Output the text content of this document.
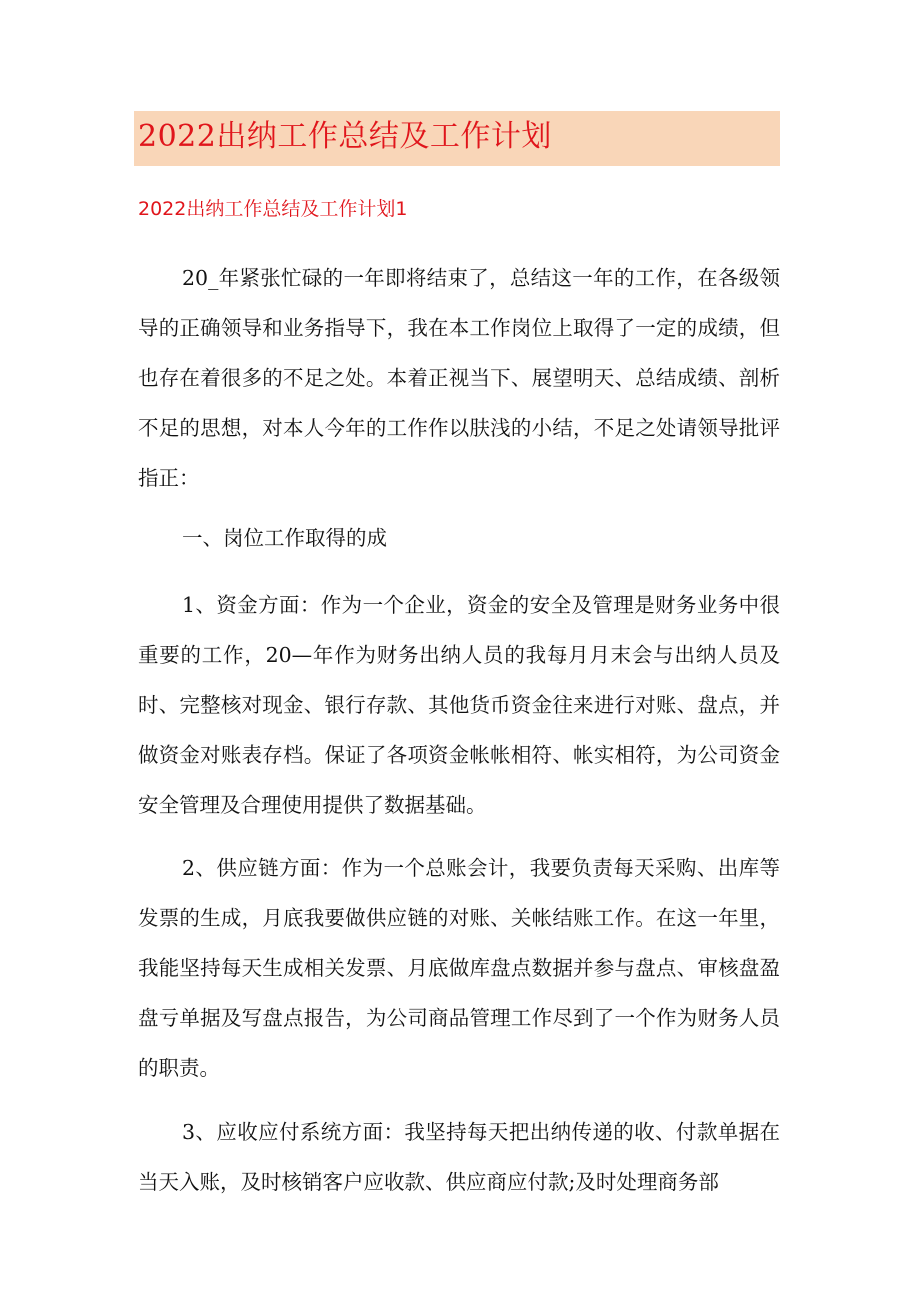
2022出纳工作总结及工作计划
2022出纳工作总结及工作计划1

20_年紧张忙碌的一年即将结束了，总结这一年的工作，在各级领导的正确领导和业务指导下，我在本工作岗位上取得了一定的成绩，但也存在着很多的不足之处。本着正视当下、展望明天、总结成绩、剖析不足的思想，对本人今年的工作作以肤浅的小结，不足之处请领导批评指正：

一、岗位工作取得的成

1、资金方面：作为一个企业，资金的安全及管理是财务业务中很重要的工作，20—年作为财务出纳人员的我每月月末会与出纳人员及时、完整核对现金、银行存款、其他货币资金往来进行对账、盘点，并做资金对账表存档。保证了各项资金帐帐相符、帐实相符，为公司资金安全管理及合理使用提供了数据基础。

2、供应链方面：作为一个总账会计，我要负责每天采购、出库等发票的生成，月底我要做供应链的对账、关帐结账工作。在这一年里，我能坚持每天生成相关发票、月底做库盘点数据并参与盘点、审核盘盈盘亏单据及写盘点报告，为公司商品管理工作尽到了一个作为财务人员的职责。

3、应收应付系统方面：我坚持每天把出纳传递的收、付款单据在当天入账，及时核销客户应收款、供应商应付款;及时处理商务部
